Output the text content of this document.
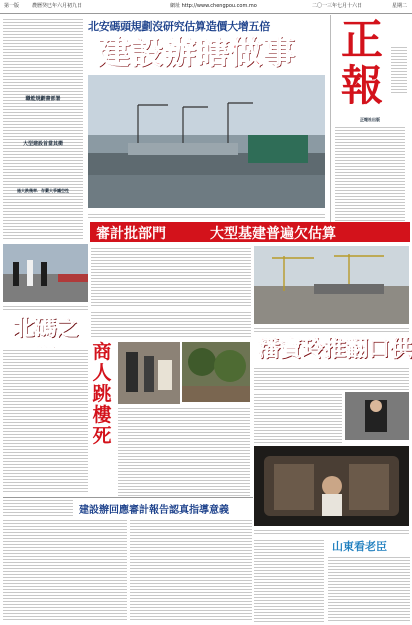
第一版	農曆癸巳年六月初九日	網址 http://www.chengpou.com.mo	二〇一三年七月十六日	星期二
職能規劃書部署
大型建設首當其衝
過大跌幾率．存嚴大爭議空性
北安碼頭規劃沒研究估算造價大增五倍
建設辦瞎做事	正
報
正報社出版
審計批部門	大型基建普遍欠估算
北碼之
商人跳樓死
潘寶玲推翻口供
建設辦回應審計報告認真指導意義
山東看老臣
